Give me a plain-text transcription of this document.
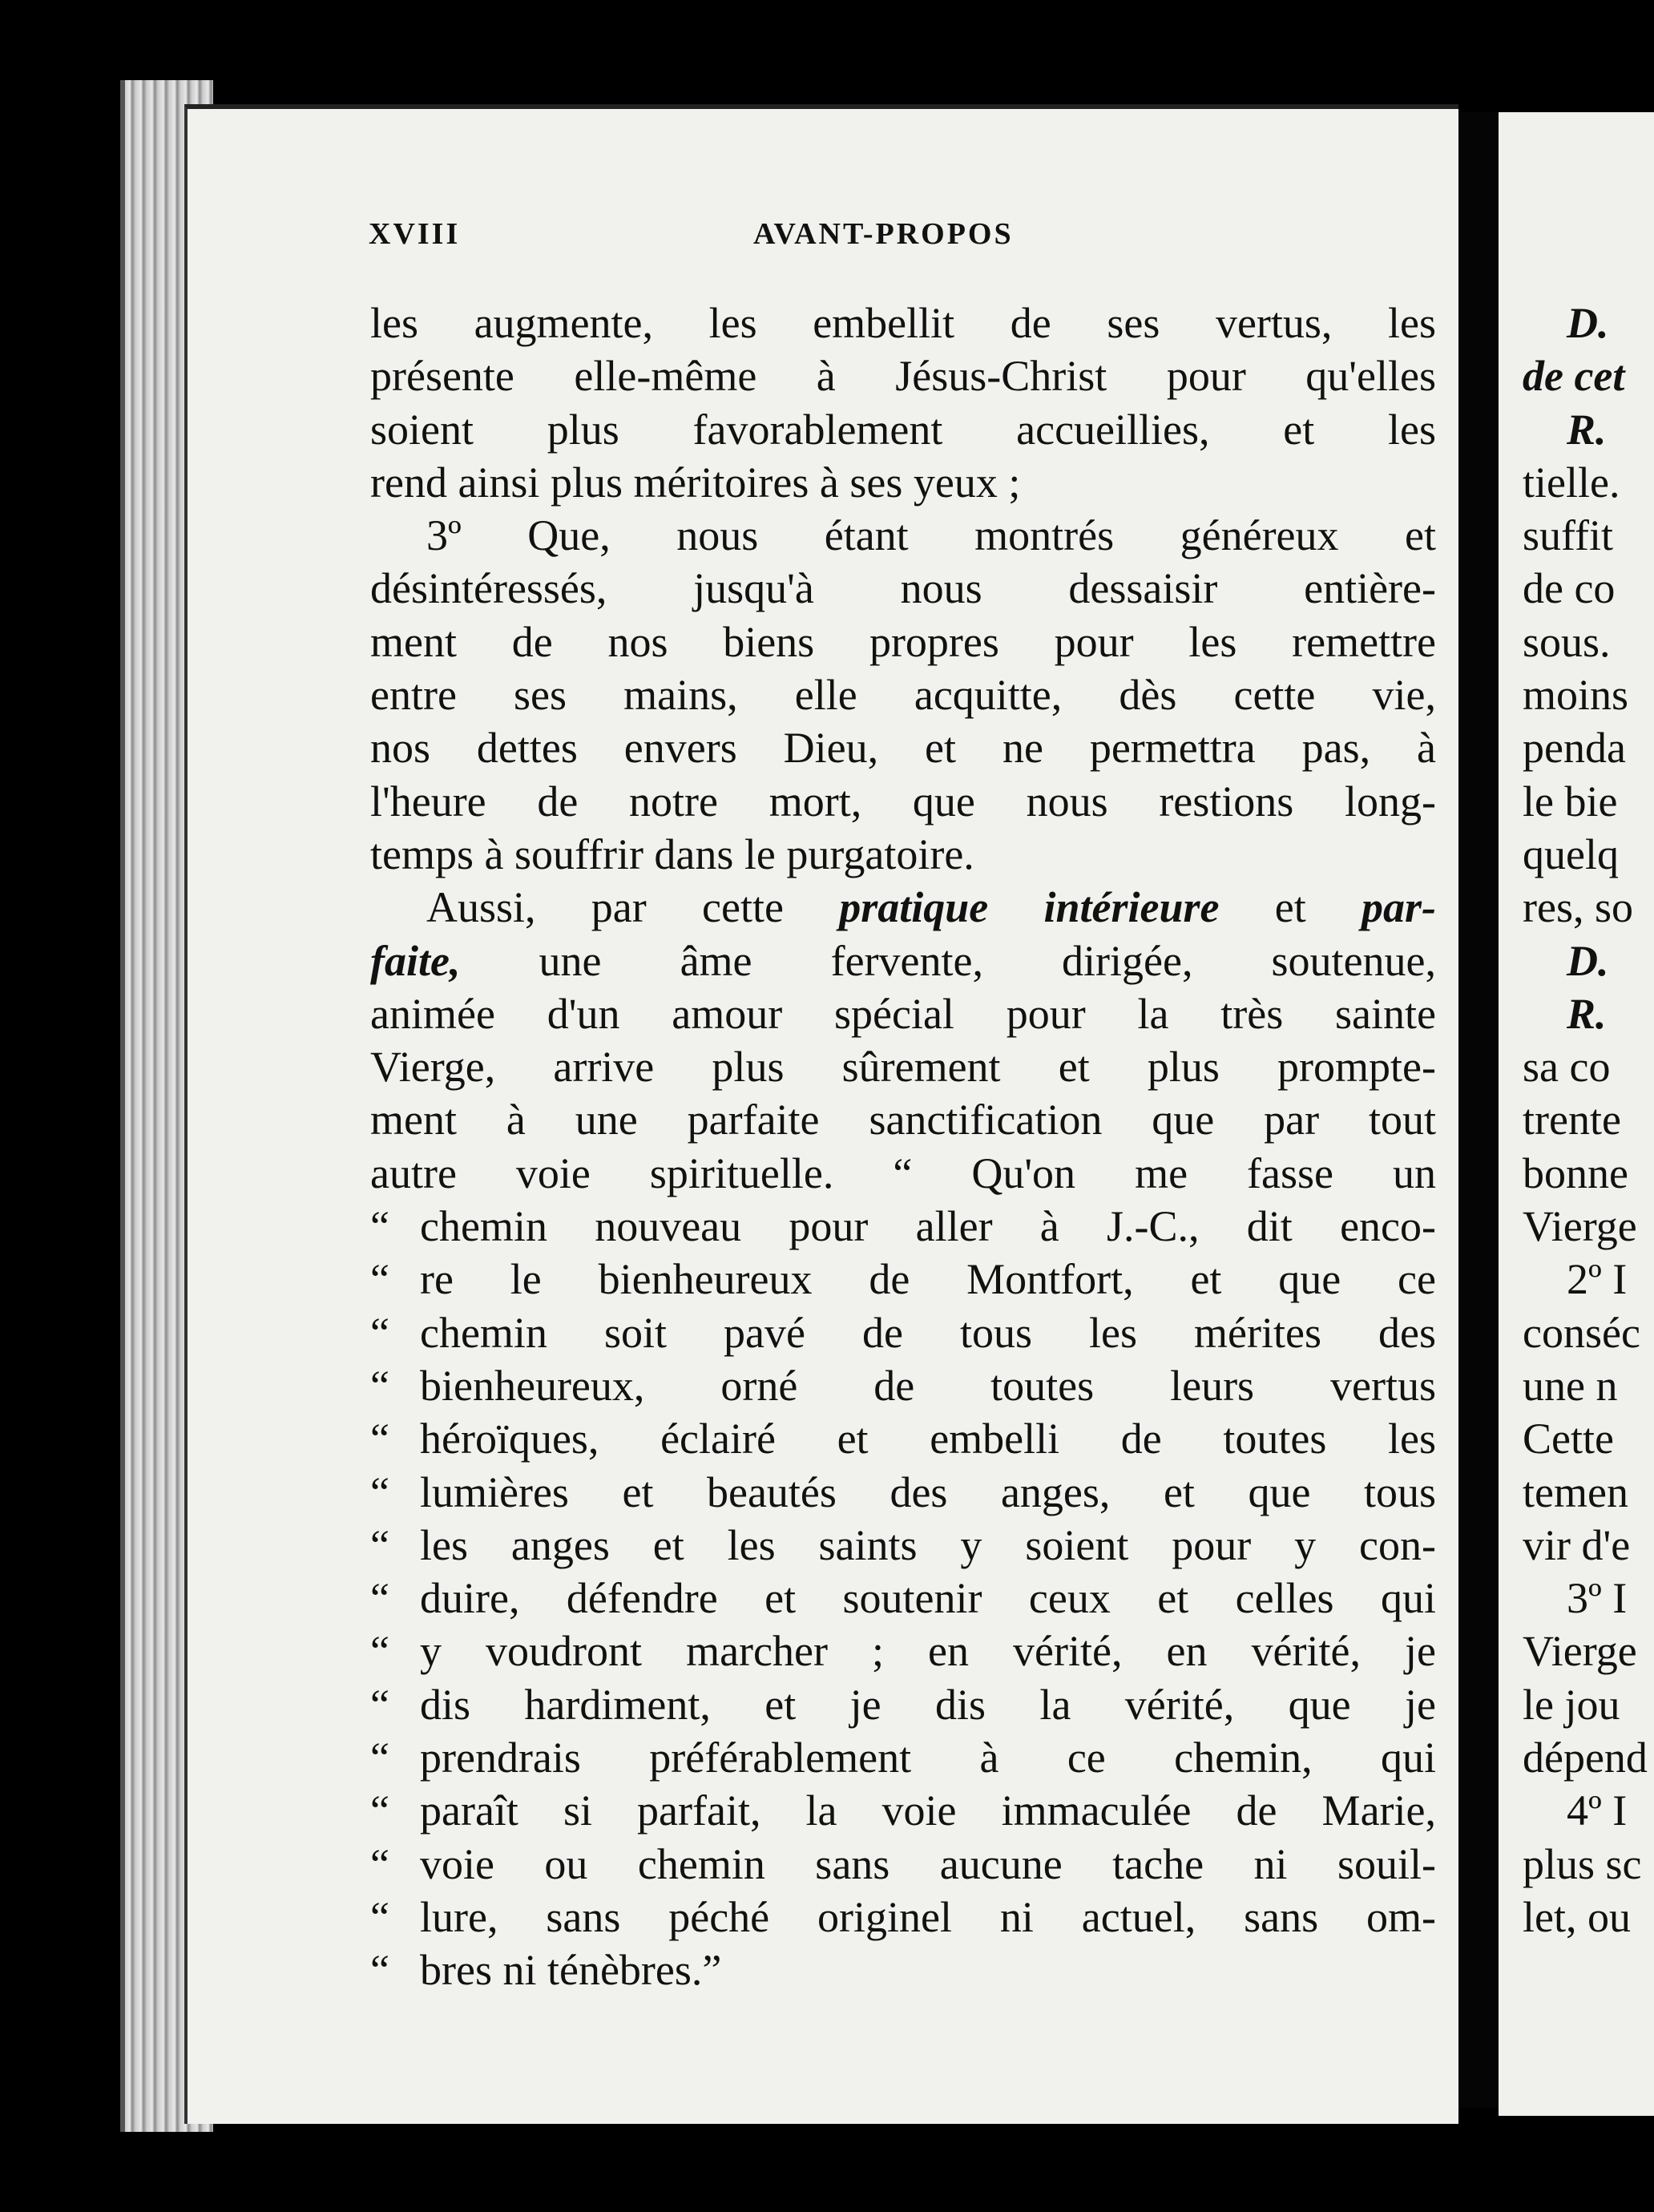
D.
de cet
R.
tielle.
suffit
de co
sous.
moins
penda
le bie
quelq
res, so
D.
R.
sa co
trente
bonne
Vierge
2º I
conséc
une n
Cette
temen
vir d'e
3º I
Vierge
le jou
dépend
4º I
plus sc
let, ou
XVIII	AVANT-PROPOS
les augmente, les embellit de ses vertus, les
présente elle-même à Jésus-Christ pour qu'elles
soient plus favorablement accueillies, et les
rend ainsi plus méritoires à ses yeux ;
3º Que, nous étant montrés généreux et
désintéressés, jusqu'à nous dessaisir entière-
ment de nos biens propres pour les remettre
entre ses mains, elle acquitte, dès cette vie,
nos dettes envers Dieu, et ne permettra pas, à
l'heure de notre mort, que nous restions long-
temps à souffrir dans le purgatoire.
Aussi, par cette pratique intérieure et par-
faite, une âme fervente, dirigée, soutenue,
animée d'un amour spécial pour la très sainte
Vierge, arrive plus sûrement et plus prompte-
ment à une parfaite sanctification que par tout
autre voie spirituelle. “ Qu'on me fasse un
“ chemin nouveau pour aller à J.-C., dit enco-
“ re le bienheureux de Montfort, et que ce
“ chemin soit pavé de tous les mérites des
“ bienheureux, orné de toutes leurs vertus
“ héroïques, éclairé et embelli de toutes les
“ lumières et beautés des anges, et que tous
“ les anges et les saints y soient pour y con-
“ duire, défendre et soutenir ceux et celles qui
“ y voudront marcher ; en vérité, en vérité, je
“ dis hardiment, et je dis la vérité, que je
“ prendrais préférablement à ce chemin, qui
“ paraît si parfait, la voie immaculée de Marie,
“ voie ou chemin sans aucune tache ni souil-
“ lure, sans péché originel ni actuel, sans om-
“ bres ni ténèbres.”
